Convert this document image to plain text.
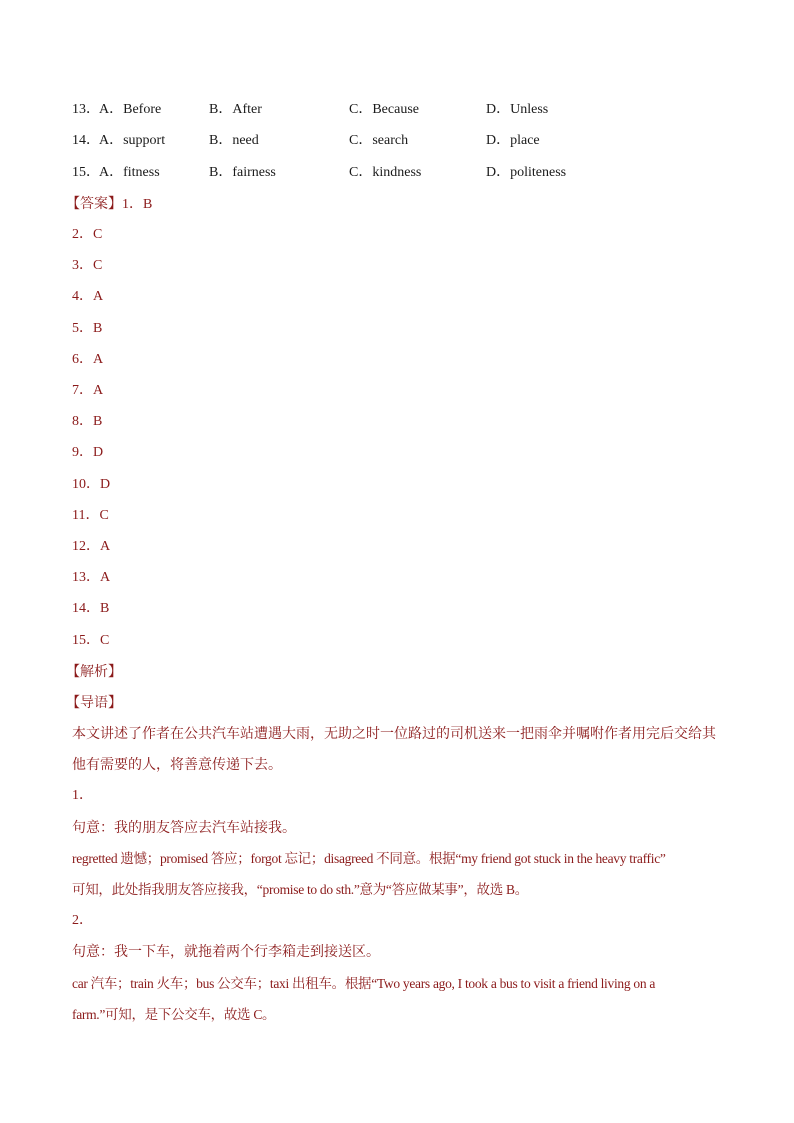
13． A．Before	B．After	C．Because	D．Unless
14． A．support	B．need	C．search	D．place
15． A．fitness	B．fairness	C．kindness	D．politeness
【答案】1．B
2．C
3．C
4．A
5．B
6．A
7．A
8．B
9．D
10．D
11．C
12．A
13．A
14．B
15．C
【解析】
【导语】
本文讲述了作者在公共汽车站遭遇大雨，无助之时一位路过的司机送来一把雨伞并嘱咐作者用完后交给其
他有需要的人，将善意传递下去。
1．
句意：我的朋友答应去汽车站接我。
regretted 遗憾；promised 答应；forgot 忘记；disagreed 不同意。根据“my friend got stuck in the heavy traffic”
可知，此处指我朋友答应接我，“promise to do sth.”意为“答应做某事”，故选 B。
2．
句意：我一下车，就拖着两个行李箱走到接送区。
car 汽车；train 火车；bus 公交车；taxi 出租车。根据“Two years ago, I took a bus to visit a friend living on a
farm.”可知，是下公交车，故选 C。
